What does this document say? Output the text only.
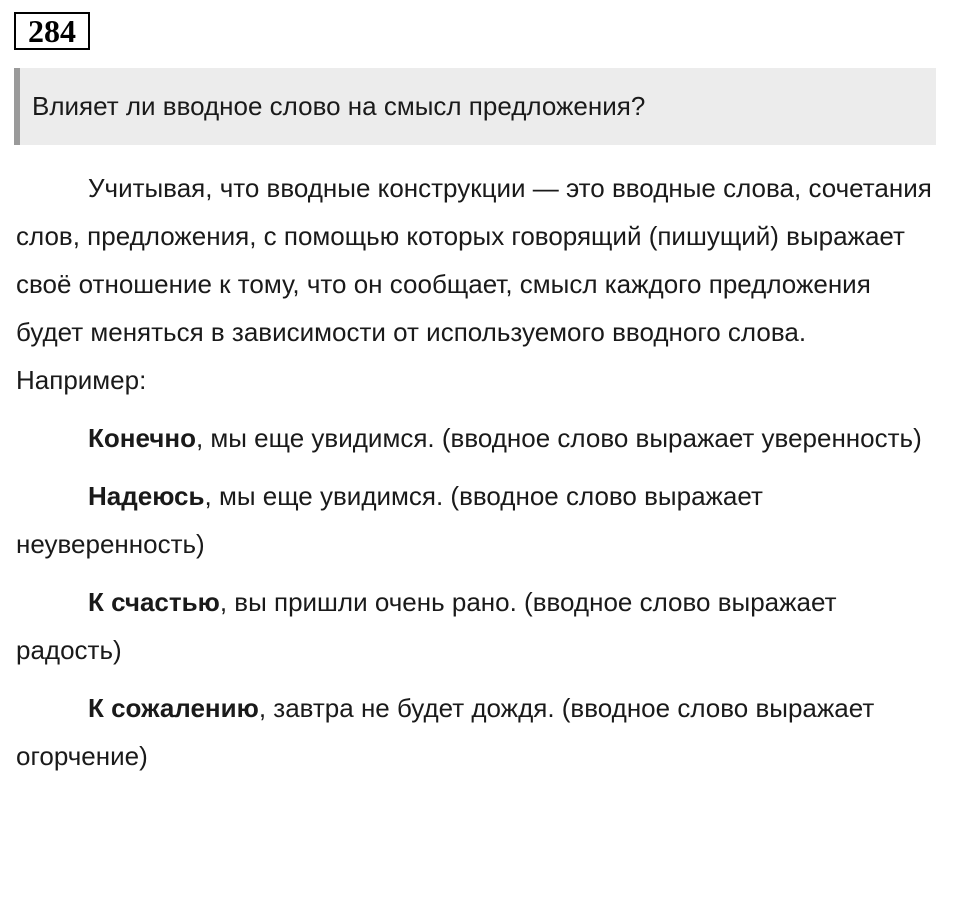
284
Влияет ли вводное слово на смысл предложения?

Учитывая, что вводные конструкции — это вводные слова, сочетания слов, предложения, с помощью которых говорящий (пишущий) выражает своё отношение к тому, что он сообщает, смысл каждого предложения будет меняться в зависимости от используемого вводного слова. Например:

Конечно, мы еще увидимся. (вводное слово выражает уверенность)

Надеюсь, мы еще увидимся. (вводное слово выражает неуверенность)

К счастью, вы пришли очень рано. (вводное слово выражает радость)

К сожалению, завтра не будет дождя. (вводное слово выражает огорчение)
